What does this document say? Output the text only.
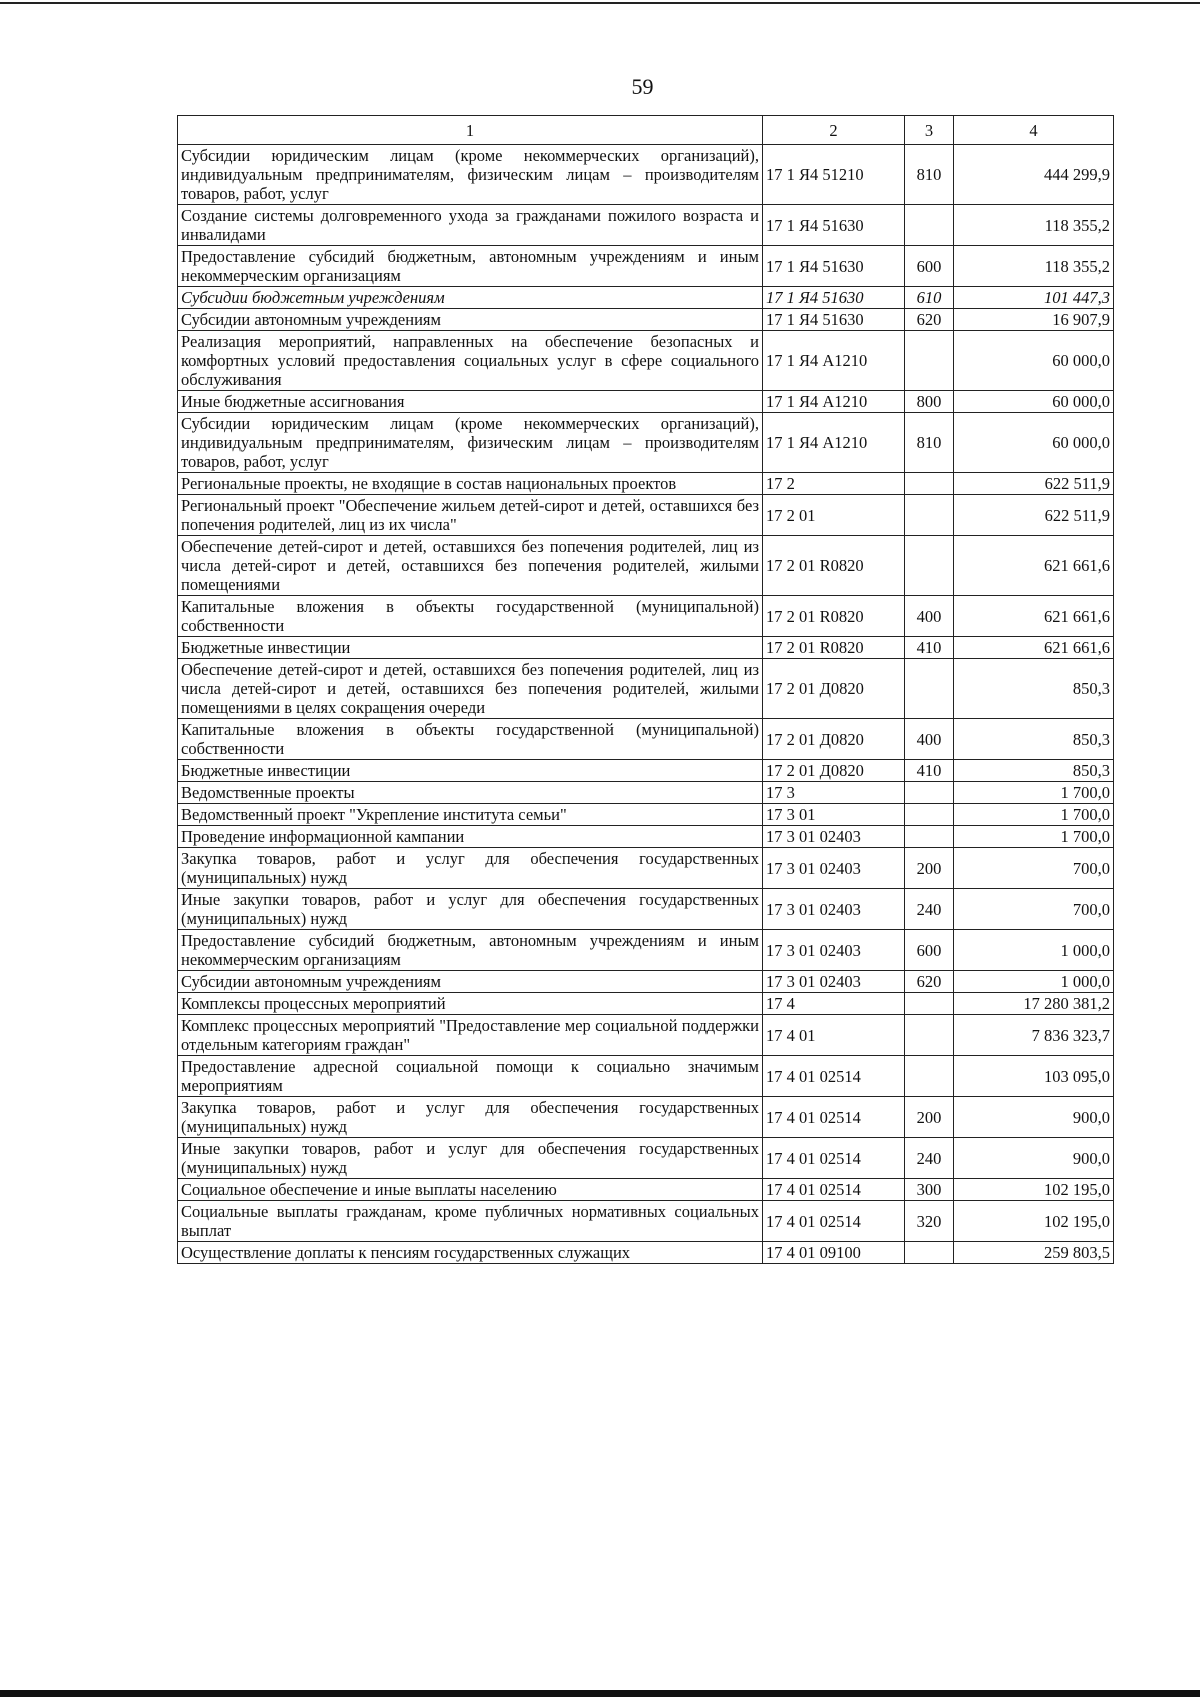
59
1	2	3	4
Субсидии юридическим лицам (кроме некоммерческих организаций), индивидуальным предпринимателям, физическим лицам – производителям товаров, работ, услуг	17 1 Я4 51210	810	444 299,9
Создание системы долговременного ухода за гражданами пожилого возраста и инвалидами	17 1 Я4 51630		118 355,2
Предоставление субсидий бюджетным, автономным учреждениям и иным некоммерческим организациям	17 1 Я4 51630	600	118 355,2
Субсидии бюджетным учреждениям	17 1 Я4 51630	610	101 447,3
Субсидии автономным учреждениям	17 1 Я4 51630	620	16 907,9
Реализация мероприятий, направленных на обеспечение безопасных и комфортных условий предоставления социальных услуг в сфере социального обслуживания	17 1 Я4 А1210		60 000,0
Иные бюджетные ассигнования	17 1 Я4 А1210	800	60 000,0
Субсидии юридическим лицам (кроме некоммерческих организаций), индивидуальным предпринимателям, физическим лицам – производителям товаров, работ, услуг	17 1 Я4 А1210	810	60 000,0
Региональные проекты, не входящие в состав национальных проектов	17 2		622 511,9
Региональный проект "Обеспечение жильем детей-сирот и детей, оставшихся без попечения родителей, лиц из их числа"	17 2 01		622 511,9
Обеспечение детей-сирот и детей, оставшихся без попечения родителей, лиц из числа детей-сирот и детей, оставшихся без попечения родителей, жилыми помещениями	17 2 01 R0820		621 661,6
Капитальные вложения в объекты государственной (муниципальной) собственности	17 2 01 R0820	400	621 661,6
Бюджетные инвестиции	17 2 01 R0820	410	621 661,6
Обеспечение детей-сирот и детей, оставшихся без попечения родителей, лиц из числа детей-сирот и детей, оставшихся без попечения родителей, жилыми помещениями в целях сокращения очереди	17 2 01 Д0820		850,3
Капитальные вложения в объекты государственной (муниципальной) собственности	17 2 01 Д0820	400	850,3
Бюджетные инвестиции	17 2 01 Д0820	410	850,3
Ведомственные проекты	17 3		1 700,0
Ведомственный проект "Укрепление института семьи"	17 3 01		1 700,0
Проведение информационной кампании	17 3 01 02403		1 700,0
Закупка товаров, работ и услуг для обеспечения государственных (муниципальных) нужд	17 3 01 02403	200	700,0
Иные закупки товаров, работ и услуг для обеспечения государственных (муниципальных) нужд	17 3 01 02403	240	700,0
Предоставление субсидий бюджетным, автономным учреждениям и иным некоммерческим организациям	17 3 01 02403	600	1 000,0
Субсидии автономным учреждениям	17 3 01 02403	620	1 000,0
Комплексы процессных мероприятий	17 4		17 280 381,2
Комплекс процессных мероприятий "Предоставление мер социальной поддержки отдельным категориям граждан"	17 4 01		7 836 323,7
Предоставление адресной социальной помощи к социально значимым мероприятиям	17 4 01 02514		103 095,0
Закупка товаров, работ и услуг для обеспечения государственных (муниципальных) нужд	17 4 01 02514	200	900,0
Иные закупки товаров, работ и услуг для обеспечения государственных (муниципальных) нужд	17 4 01 02514	240	900,0
Социальное обеспечение и иные выплаты населению	17 4 01 02514	300	102 195,0
Социальные выплаты гражданам, кроме публичных нормативных социальных выплат	17 4 01 02514	320	102 195,0
Осуществление доплаты к пенсиям государственных служащих	17 4 01 09100		259 803,5
